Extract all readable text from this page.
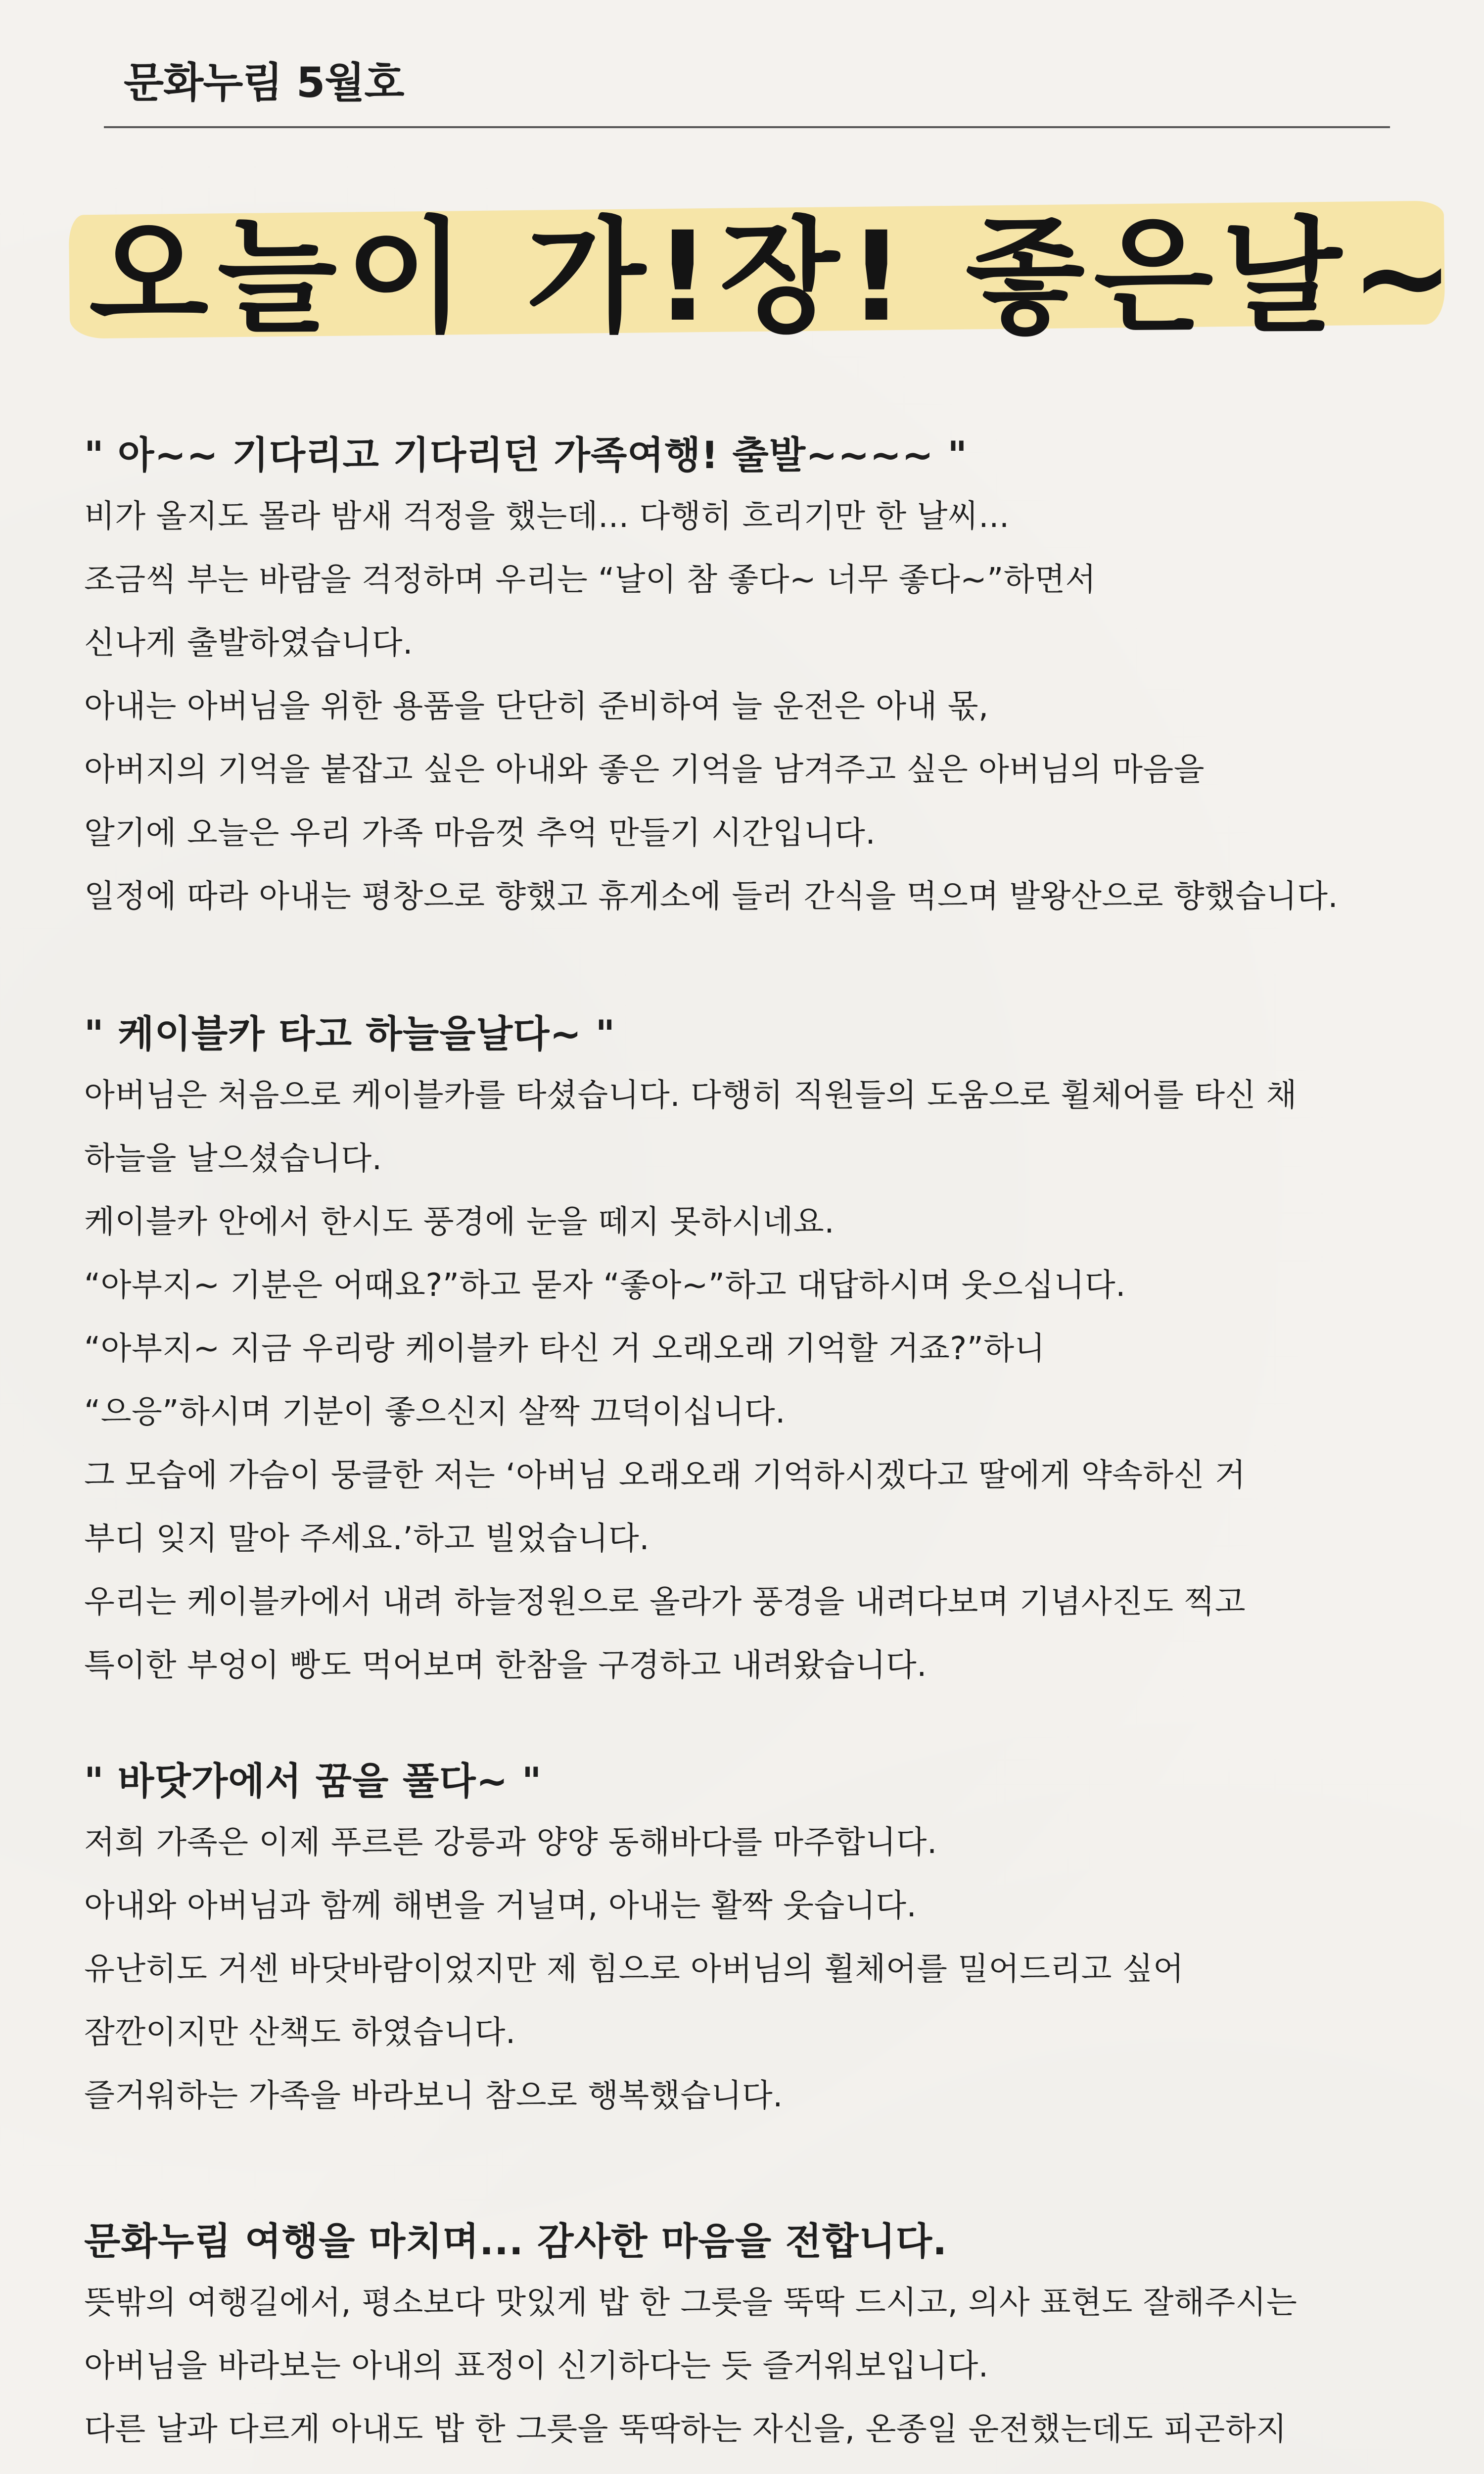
문화누림 5월호
오늘이 가!장! 좋은날~
" 아~~ 기다리고 기다리던 가족여행! 출발~~~~ "
비가 올지도 몰라 밤새 걱정을 했는데... 다행히 흐리기만 한 날씨...
조금씩 부는 바람을 걱정하며 우리는 “날이 참 좋다~ 너무 좋다~”하면서
신나게 출발하였습니다.
아내는 아버님을 위한 용품을 단단히 준비하여 늘 운전은 아내 몫,
아버지의 기억을 붙잡고 싶은 아내와 좋은 기억을 남겨주고 싶은 아버님의 마음을
알기에 오늘은 우리 가족 마음껏 추억 만들기 시간입니다.
일정에 따라 아내는 평창으로 향했고 휴게소에 들러 간식을 먹으며 발왕산으로 향했습니다.
" 케이블카 타고 하늘을날다~ "
아버님은 처음으로 케이블카를 타셨습니다. 다행히 직원들의 도움으로 휠체어를 타신 채
하늘을 날으셨습니다.
케이블카 안에서 한시도 풍경에 눈을 떼지 못하시네요.
“아부지~ 기분은 어때요?”하고 묻자 “좋아~”하고 대답하시며 웃으십니다.
“아부지~ 지금 우리랑 케이블카 타신 거 오래오래 기억할 거죠?”하니
“으응”하시며 기분이 좋으신지 살짝 끄덕이십니다.
그 모습에 가슴이 뭉클한 저는 ‘아버님 오래오래 기억하시겠다고 딸에게 약속하신 거
부디 잊지 말아 주세요.’하고 빌었습니다.
우리는 케이블카에서 내려 하늘정원으로 올라가 풍경을 내려다보며 기념사진도 찍고
특이한 부엉이 빵도 먹어보며 한참을 구경하고 내려왔습니다.
" 바닷가에서 꿈을 풀다~ "
저희 가족은 이제 푸르른 강릉과 양양 동해바다를 마주합니다.
아내와 아버님과 함께 해변을 거닐며, 아내는 활짝 웃습니다.
유난히도 거센 바닷바람이었지만 제 힘으로 아버님의 휠체어를 밀어드리고 싶어
잠깐이지만 산책도 하였습니다.
즐거워하는 가족을 바라보니 참으로 행복했습니다.
문화누림 여행을 마치며... 감사한 마음을 전합니다.
뜻밖의 여행길에서, 평소보다 맛있게 밥 한 그릇을 뚝딱 드시고, 의사 표현도 잘해주시는
아버님을 바라보는 아내의 표정이 신기하다는 듯 즐거워보입니다.
다른 날과 다르게 아내도 밥 한 그릇을 뚝딱하는 자신을, 온종일 운전했는데도 피곤하지
